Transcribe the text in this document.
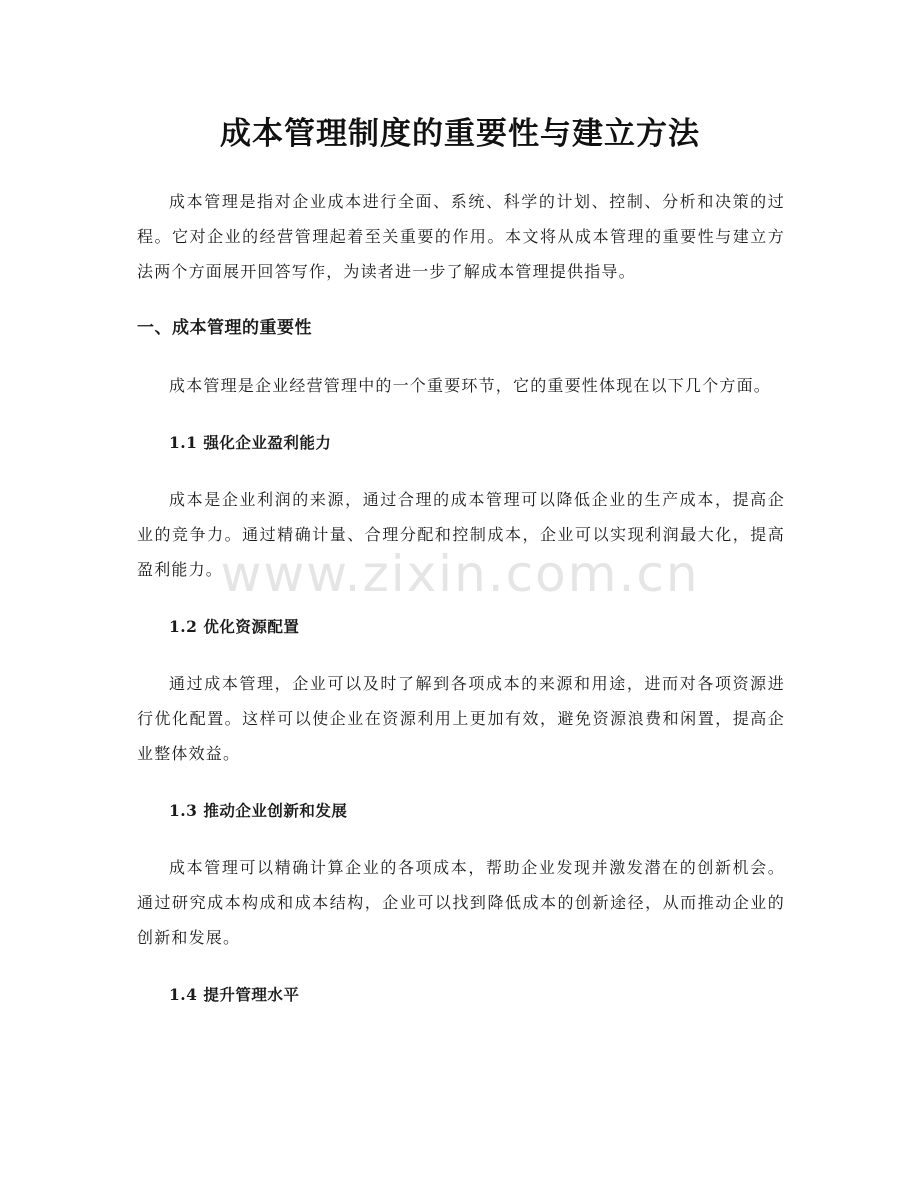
成本管理制度的重要性与建立方法

成本管理是指对企业成本进行全面、系统、科学的计划、控制、分析和决策的过程。它对企业的经营管理起着至关重要的作用。本文将从成本管理的重要性与建立方法两个方面展开回答写作，为读者进一步了解成本管理提供指导。

一、成本管理的重要性

成本管理是企业经营管理中的一个重要环节，它的重要性体现在以下几个方面。

1.1 强化企业盈利能力

成本是企业利润的来源，通过合理的成本管理可以降低企业的生产成本，提高企业的竞争力。通过精确计量、合理分配和控制成本，企业可以实现利润最大化，提高盈利能力。

1.2 优化资源配置

通过成本管理，企业可以及时了解到各项成本的来源和用途，进而对各项资源进行优化配置。这样可以使企业在资源利用上更加有效，避免资源浪费和闲置，提高企业整体效益。

1.3 推动企业创新和发展

成本管理可以精确计算企业的各项成本，帮助企业发现并激发潜在的创新机会。通过研究成本构成和成本结构，企业可以找到降低成本的创新途径，从而推动企业的创新和发展。

1.4 提升管理水平
www.zixin.com.cn
